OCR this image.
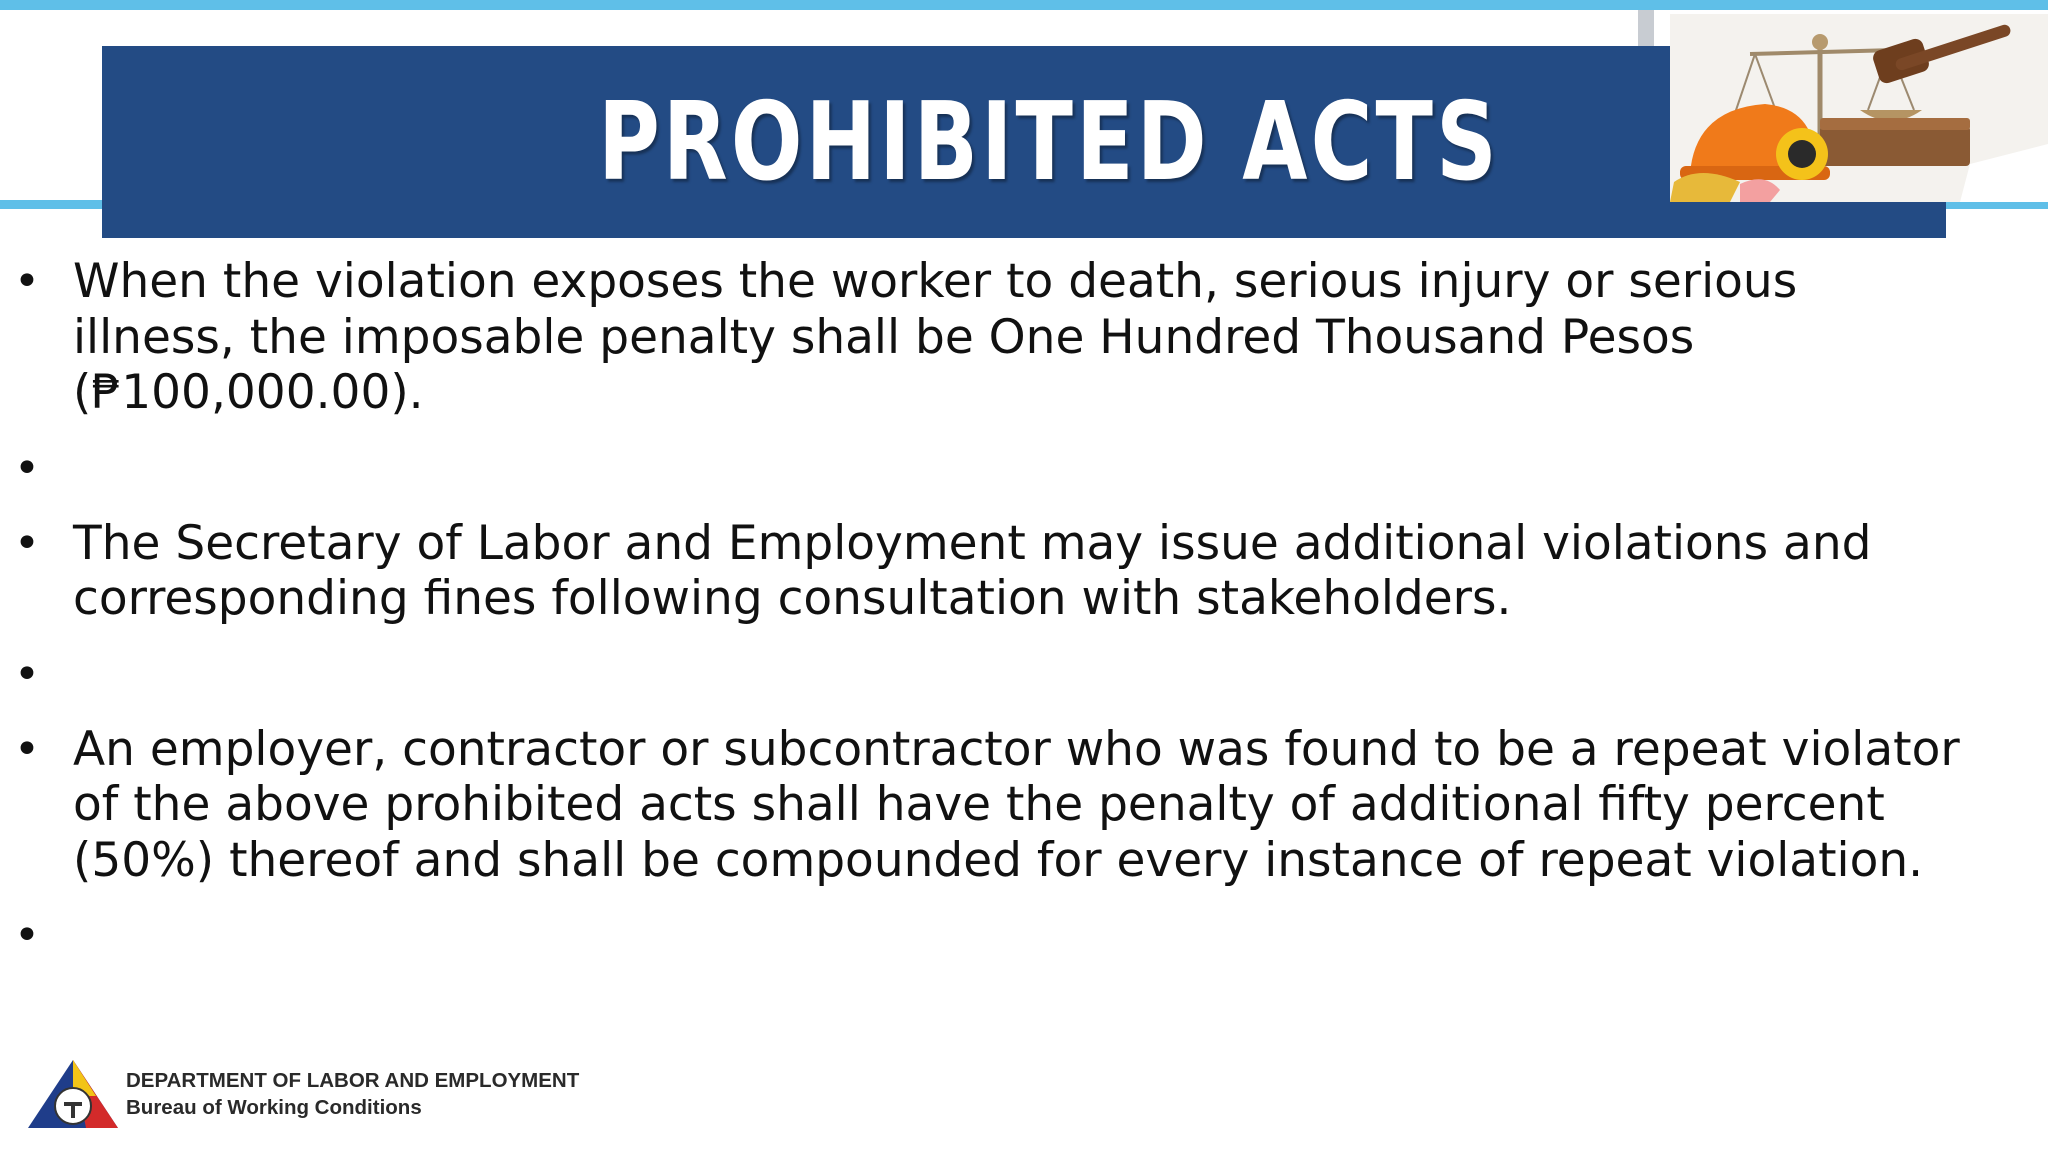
PROHIBITED ACTS
• When the violation exposes the worker to death, serious injury or serious illness, the imposable penalty shall be One Hundred Thousand Pesos (₱100,000.00).
•
• The Secretary of Labor and Employment may issue additional violations and corresponding fines following consultation with stakeholders.
•
• An employer, contractor or subcontractor who was found to be a repeat violator of the above prohibited acts shall have the penalty of additional fifty percent (50%) thereof and shall be compounded for every instance of repeat violation.
•
DEPARTMENT OF LABOR AND EMPLOYMENT
Bureau of Working Conditions
